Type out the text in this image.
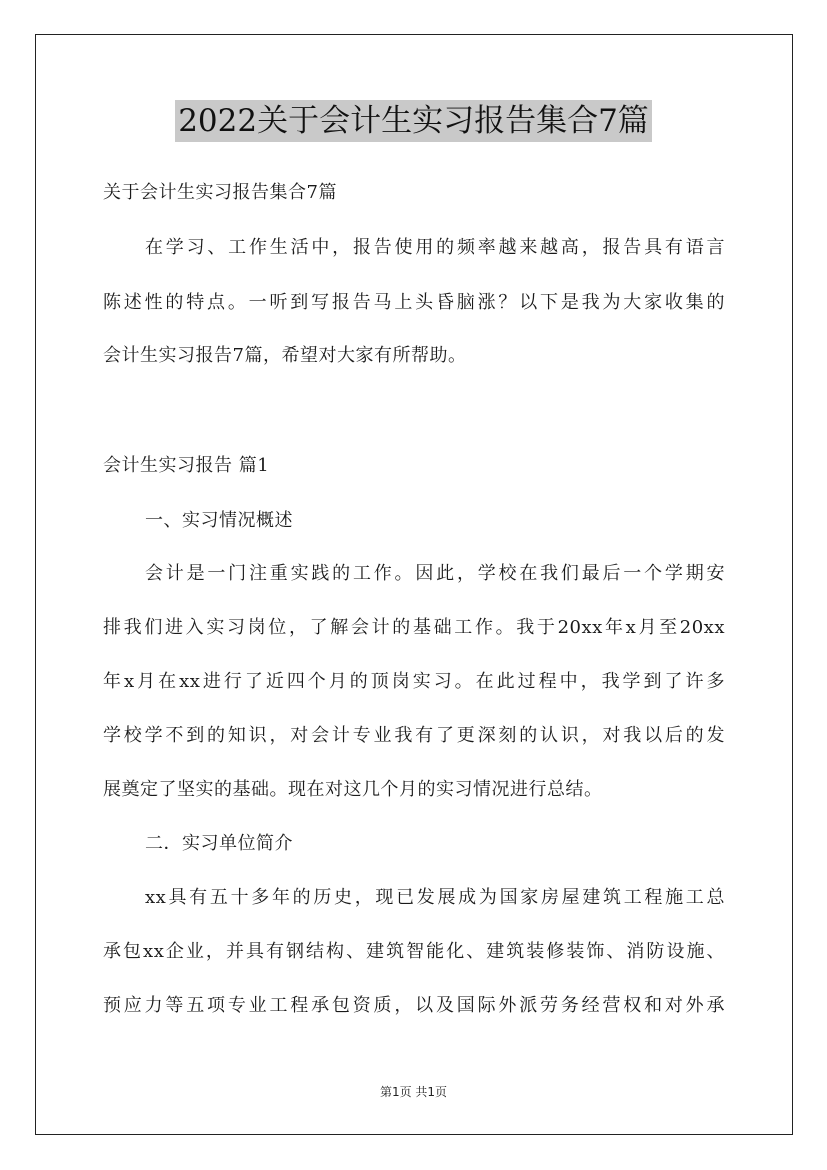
2022关于会计生实习报告集合7篇
关于会计生实习报告集合7篇
在学习、工作生活中，报告使用的频率越来越高，报告具有语言
陈述性的特点。一听到写报告马上头昏脑涨？以下是我为大家收集的
会计生实习报告7篇，希望对大家有所帮助。
会计生实习报告 篇1
一、实习情况概述
会计是一门注重实践的工作。因此，学校在我们最后一个学期安
排我们进入实习岗位，了解会计的基础工作。我于20xx年x月至20xx
年x月在xx进行了近四个月的顶岗实习。在此过程中，我学到了许多
学校学不到的知识，对会计专业我有了更深刻的认识，对我以后的发
展奠定了坚实的基础。现在对这几个月的实习情况进行总结。
二．实习单位简介
xx具有五十多年的历史，现已发展成为国家房屋建筑工程施工总
承包xx企业，并具有钢结构、建筑智能化、建筑装修装饰、消防设施、
预应力等五项专业工程承包资质，以及国际外派劳务经营权和对外承
第1页 共1页
